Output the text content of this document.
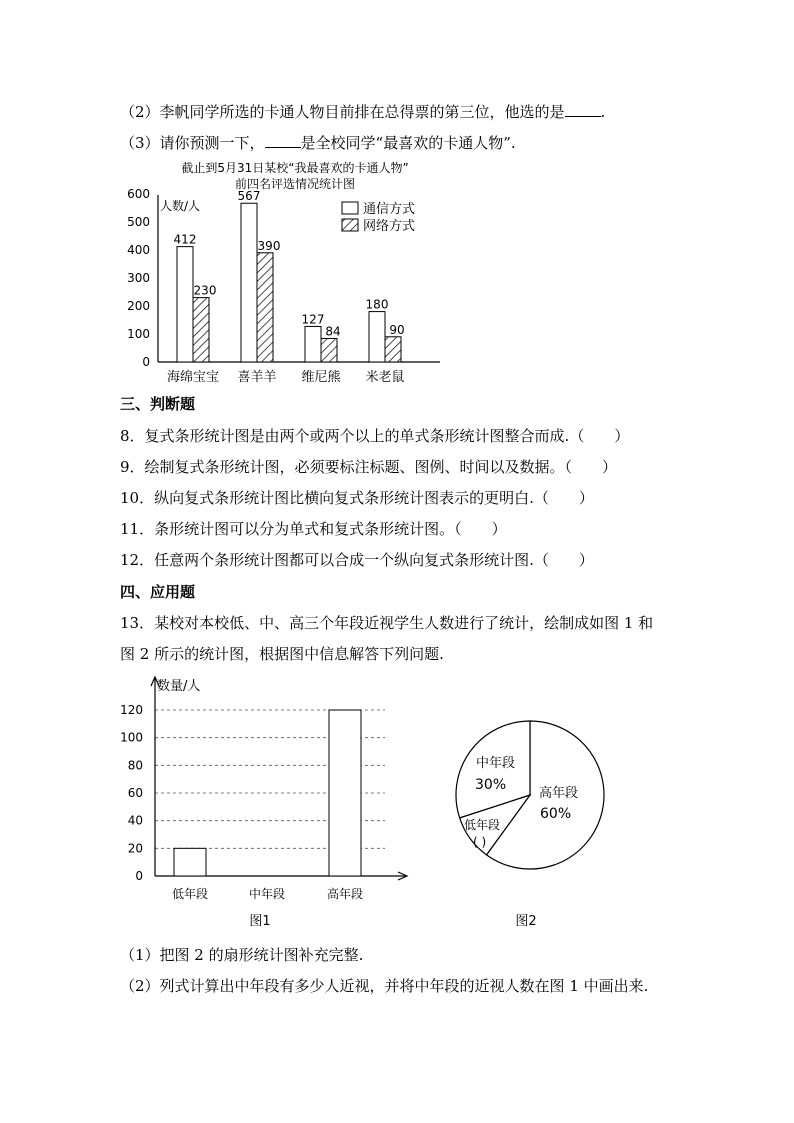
（2）李帆同学所选的卡通人物目前排在总得票的第三位，他选的是 .
（3）请你预测一下， 是全校同学“最喜欢的卡通人物”.
截止到5月31日某校“我最喜欢的卡通人物”
前四名评选情况统计图
人数/人
0
100
200
300
400
500
600
412
230
海绵宝宝
567
390
喜羊羊
127
84
维尼熊
180
90
米老鼠
通信方式
网络方式
三、判断题
8．复式条形统计图是由两个或两个以上的单式条形统计图整合而成.（　　）
9．绘制复式条形统计图，必须要标注标题、图例、时间以及数据。（　　）
10．纵向复式条形统计图比横向复式条形统计图表示的更明白.（　　）
11．条形统计图可以分为单式和复式条形统计图。（　　）
12．任意两个条形统计图都可以合成一个纵向复式条形统计图.（　　）
四、应用题
13．某校对本校低、中、高三个年段近视学生人数进行了统计，绘制成如图 1 和
图 2 所示的统计图，根据图中信息解答下列问题.
数量/人
0
20
40
60
80
100
120
低年段	中年段	高年段
图1
中年段
30%
高年段
60%
低年段
( )
图2
（1）把图 2 的扇形统计图补充完整.
（2）列式计算出中年段有多少人近视，并将中年段的近视人数在图 1 中画出来.
